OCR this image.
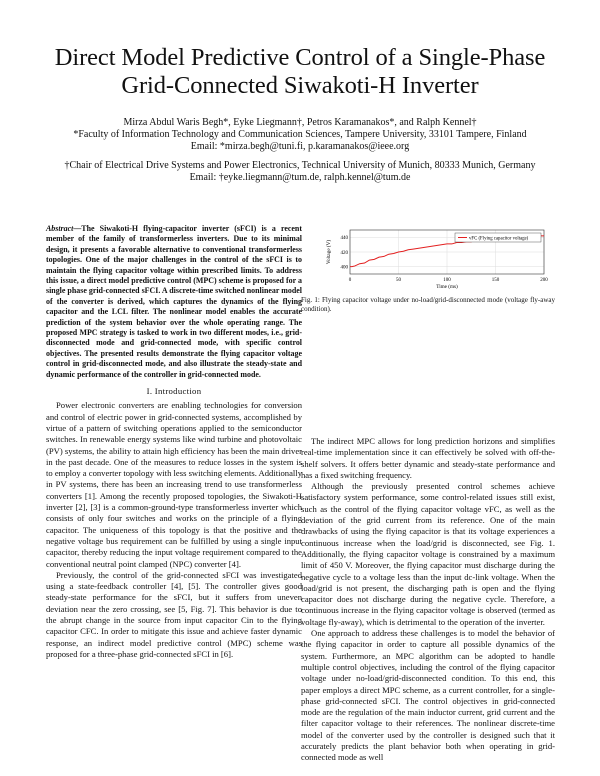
Direct Model Predictive Control of a Single-Phase
Grid-Connected Siwakoti-H Inverter
Mirza Abdul Waris Begh*, Eyke Liegmann†, Petros Karamanakos*, and Ralph Kennel†
*Faculty of Information Technology and Communication Sciences, Tampere University, 33101 Tampere, Finland
Email: *mirza.begh@tuni.fi, p.karamanakos@ieee.org
†Chair of Electrical Drive Systems and Power Electronics, Technical University of Munich, 80333 Munich, Germany
Email: †eyke.liegmann@tum.de, ralph.kennel@tum.de
Abstract—The Siwakoti-H flying-capacitor inverter (sFCI) is a recent member of the family of transformerless inverters. Due to its minimal design, it presents a favorable alternative to conventional transformerless topologies. One of the major challenges in the control of the sFCI is to maintain the flying capacitor voltage within prescribed limits. To address this issue, a direct model predictive control (MPC) scheme is proposed for a single phase grid-connected sFCI. A discrete-time switched nonlinear model of the converter is derived, which captures the dynamics of the flying capacitor and the LCL filter. The nonlinear model enables the accurate prediction of the system behavior over the whole operating range. The proposed MPC strategy is tasked to work in two different modes, i.e., grid-disconnected mode and grid-connected mode, with specific control objectives. The presented results demonstrate the flying capacitor voltage control in grid-disconnected mode, and also illustrate the steady-state and dynamic performance of the controller in grid-connected mode.
I. Introduction

Power electronic converters are enabling technologies for conversion and control of electric power in grid-connected systems, accomplished by virtue of a pattern of switching operations applied to the semiconductor switches. In renewable energy systems like wind turbine and photovoltaic (PV) systems, the ability to attain high efficiency has been the main driver in the past decade. One of the measures to reduce losses in the system is to employ a converter topology with less switching elements. Additionally in PV systems, there has been an increasing trend to use transformerless converters [1]. Among the recently proposed topologies, the Siwakoti-H inverter [2], [3] is a common-ground-type transformerless inverter which consists of only four switches and works on the principle of a flying capacitor. The uniqueness of this topology is that the positive and the negative voltage bus requirement can be fulfilled by using a single input capacitor, thereby reducing the input voltage requirement compared to the conventional neutral point clamped (NPC) converter [4].

Previously, the control of the grid-connected sFCI was investigated using a state-feedback controller [4], [5]. The controller gives good steady-state performance for the sFCI, but it suffers from uneven deviation near the zero crossing, see [5, Fig. 7]. This behavior is due to the abrupt change in the source from input capacitor Cin to the flying capacitor CFC. In order to mitigate this issue and achieve faster dynamic response, an indirect model predictive control (MPC) scheme was proposed for a three-phase grid-connected sFCI in [6].

0	50	100	150	200
400
420
440
Time (ms)
Voltage (V)
vFC (Flying capacitor voltage)
Fig. 1: Flying capacitor voltage under no-load/grid-disconnected mode (voltage fly-away condition).

The indirect MPC allows for long prediction horizons and simplifies real-time implementation since it can effectively be solved with off-the-shelf solvers. It offers better dynamic and steady-state performance and has a fixed switching frequency.

Although the previously presented control schemes achieve satisfactory system performance, some control-related issues still exist, such as the control of the flying capacitor voltage vFC, as well as the deviation of the grid current from its reference. One of the main drawbacks of using the flying capacitor is that its voltage experiences a continuous increase when the load/grid is disconnected, see Fig. 1. Additionally, the flying capacitor voltage is constrained by a maximum limit of 450 V. Moreover, the flying capacitor must discharge during the negative cycle to a voltage less than the input dc-link voltage. When the load/grid is not present, the discharging path is open and the flying capacitor does not discharge during the negative cycle. Therefore, a continuous increase in the flying capacitor voltage is observed (termed as voltage fly-away), which is detrimental to the operation of the inverter.

One approach to address these challenges is to model the behavior of the flying capacitor in order to capture all possible dynamics of the system. Furthermore, an MPC algorithm can be adopted to handle multiple control objectives, including the control of the flying capacitor voltage under no-load/grid-disconnected condition. To this end, this paper employs a direct MPC scheme, as a current controller, for a single-phase grid-connected sFCI. The control objectives in grid-connected mode are the regulation of the main inductor current, grid current and the filter capacitor voltage to their references. The nonlinear discrete-time model of the converter used by the controller is designed such that it accurately predicts the plant behavior both when operating in grid-connected mode as well
